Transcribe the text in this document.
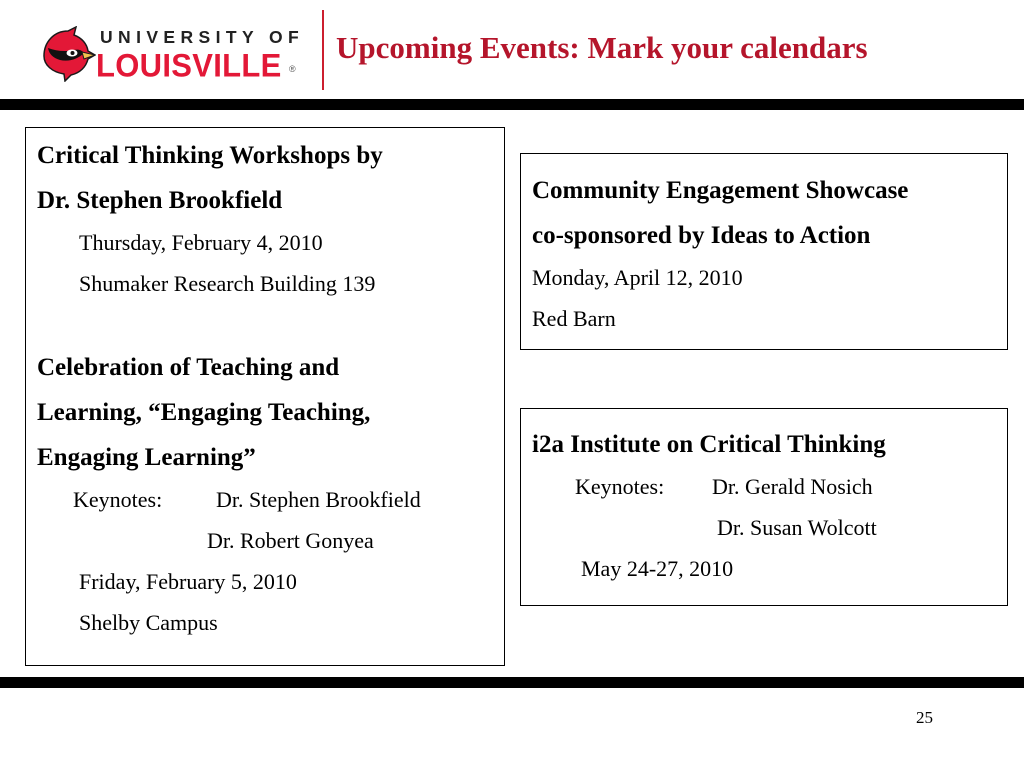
UNIVERSITY OF
LOUISVILLE ®
Upcoming Events: Mark your calendars
Critical Thinking Workshops by
Dr. Stephen Brookfield
Thursday, February 4, 2010
Shumaker Research Building 139
Celebration of Teaching and
Learning, “Engaging Teaching,
Engaging Learning”
Keynotes: Dr. Stephen Brookfield
Dr. Robert Gonyea
Friday, February 5, 2010
Shelby Campus
Community Engagement Showcase
co-sponsored by Ideas to Action
Monday, April 12, 2010
Red Barn
i2a Institute on Critical Thinking
Keynotes: Dr. Gerald Nosich
Dr. Susan Wolcott
May 24-27, 2010
25
